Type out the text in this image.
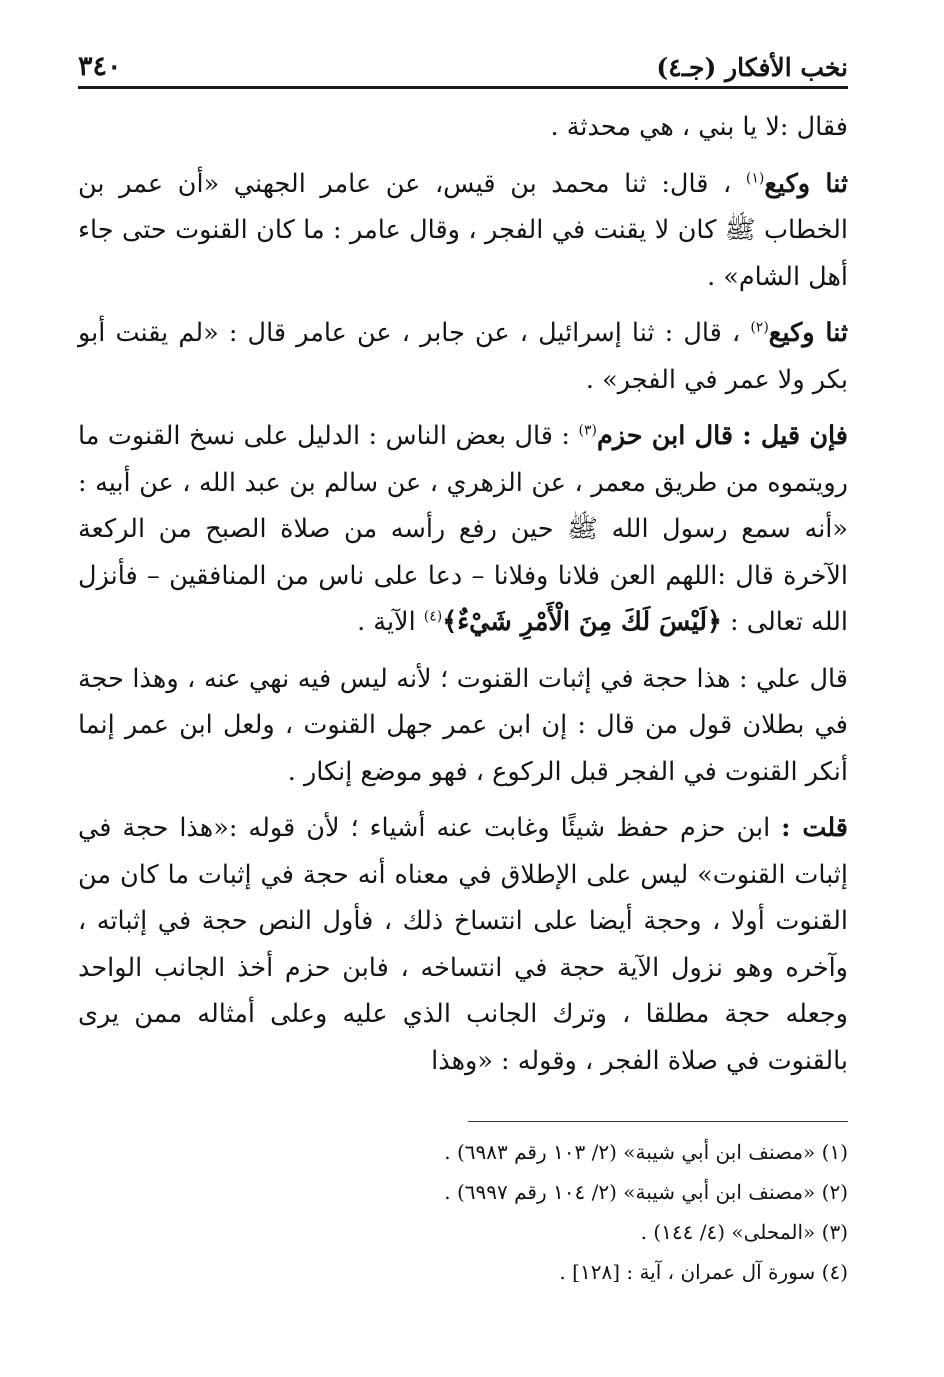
نخب الأفكار (جـ٤)
٣٤٠

فقال :لا يا بني ، هي محدثة .

ثنا وكيع$^{(١)}$ ، قال: ثنا محمد بن قيس، عن عامر الجهني «أن عمر بن الخطاب ﷺ كان لا يقنت في الفجر ، وقال عامر : ما كان القنوت حتى جاء أهل الشام» .

ثنا وكيع$^{(٢)}$ ، قال : ثنا إسرائيل ، عن جابر ، عن عامر قال : «لم يقنت أبو بكر ولا عمر في الفجر» .

فإن قيل : قال ابن حزم$^{(٣)}$ : قال بعض الناس : الدليل على نسخ القنوت ما رويتموه من طريق معمر ، عن الزهري ، عن سالم بن عبد الله ، عن أبيه : «أنه سمع رسول الله ﷺ حين رفع رأسه من صلاة الصبح من الركعة الآخرة قال :اللهم العن فلانا وفلانا – دعا على ناس من المنافقين – فأنزل الله تعالى : ﴿لَيْسَ لَكَ مِنَ الْأَمْرِ شَيْءٌ﴾$^{(٤)}$ الآية .

قال علي : هذا حجة في إثبات القنوت ؛ لأنه ليس فيه نهي عنه ، وهذا حجة في بطلان قول من قال : إن ابن عمر جهل القنوت ، ولعل ابن عمر إنما أنكر القنوت في الفجر قبل الركوع ، فهو موضع إنكار .

قلت : ابن حزم حفظ شيئًا وغابت عنه أشياء ؛ لأن قوله :«هذا حجة في إثبات القنوت» ليس على الإطلاق في معناه أنه حجة في إثبات ما كان من القنوت أولا ، وحجة أيضا على انتساخ ذلك ، فأول النص حجة في إثباته ، وآخره وهو نزول الآية حجة في انتساخه ، فابن حزم أخذ الجانب الواحد وجعله حجة مطلقا ، وترك الجانب الذي عليه وعلى أمثاله ممن يرى بالقنوت في صلاة الفجر ، وقوله : «وهذا

(١) «مصنف ابن أبي شيبة» (٢/ ١٠٣ رقم ٦٩٨٣) .
(٢) «مصنف ابن أبي شيبة» (٢/ ١٠٤ رقم ٦٩٩٧) .
(٣) «المحلى» (٤/ ١٤٤) .
(٤) سورة آل عمران ، آية : [١٢٨] .
